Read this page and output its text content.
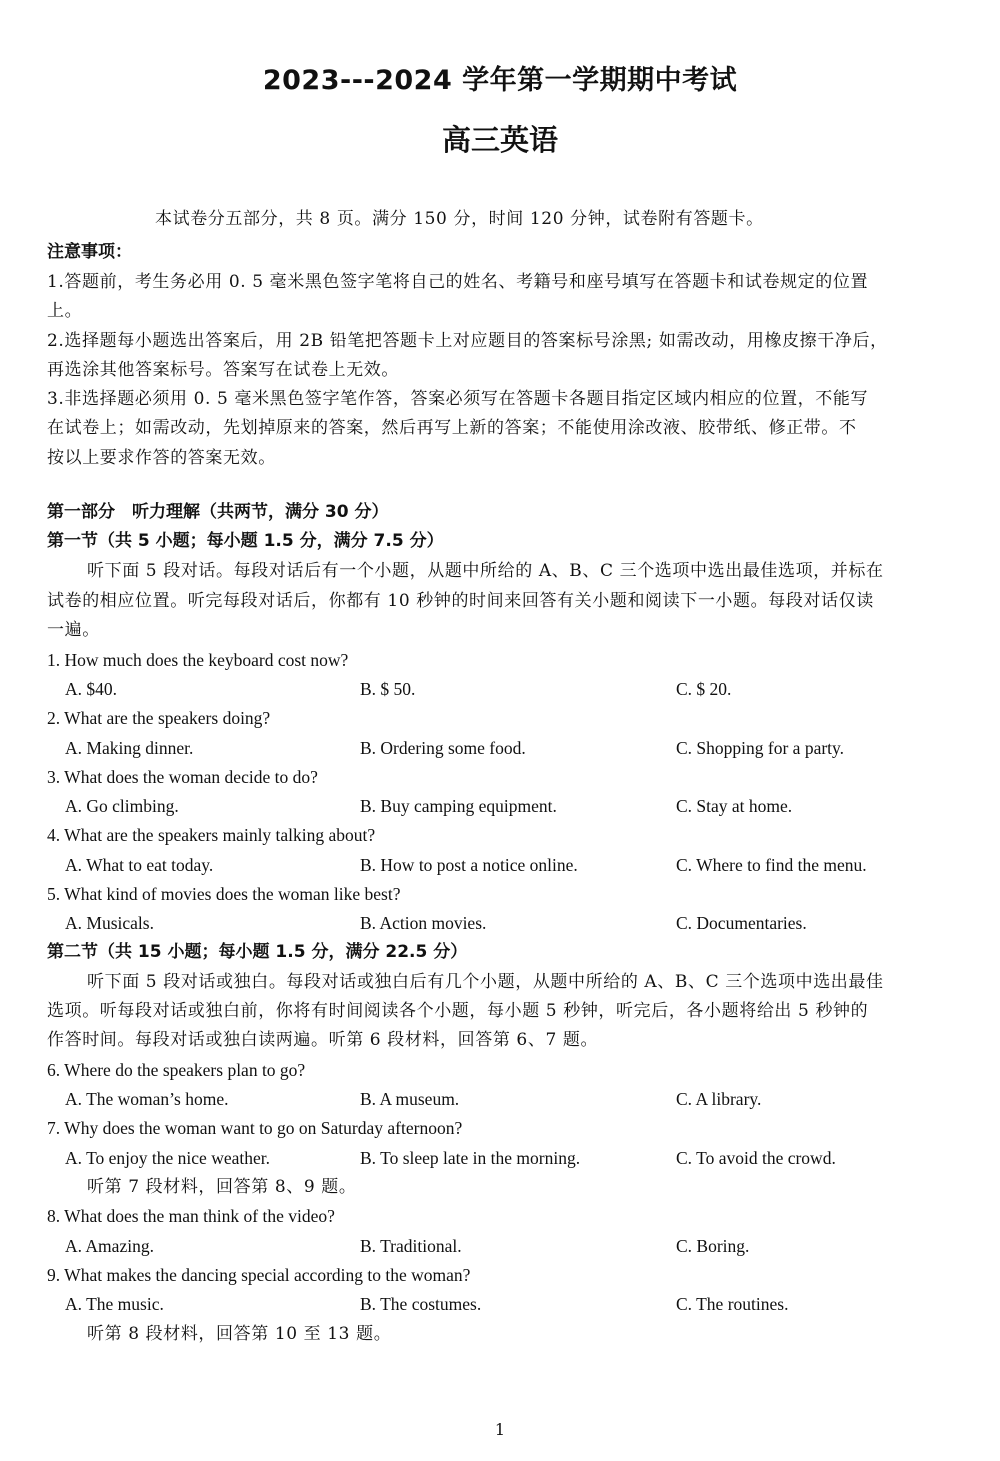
2023---2024 学年第一学期期中考试
高三英语
本试卷分五部分，共 8 页。满分 150 分，时间 120 分钟，试卷附有答题卡。
注意事项：
1.答题前，考生务必用 0. 5 毫米黑色签字笔将自己的姓名、考籍号和座号填写在答题卡和试卷规定的位置
上。
2.选择题每小题选出答案后，用 2B 铅笔把答题卡上对应题目的答案标号涂黑; 如需改动，用橡皮擦干净后，
再选涂其他答案标号。答案写在试卷上无效。
3.非选择题必须用 0. 5 毫米黑色签字笔作答，答案必须写在答题卡各题目指定区域内相应的位置，不能写
在试卷上；如需改动，先划掉原来的答案，然后再写上新的答案；不能使用涂改液、胶带纸、修正带。不
按以上要求作答的答案无效。
第一部分　听力理解（共两节，满分 30 分）
第一节（共 5 小题；每小题 1.5 分，满分 7.5 分）
听下面 5 段对话。每段对话后有一个小题，从题中所给的 A、B、C 三个选项中选出最佳选项，并标在
试卷的相应位置。听完每段对话后，你都有 10 秒钟的时间来回答有关小题和阅读下一小题。每段对话仅读
一遍。
1. How much does the keyboard cost now?
A. $40.	B. $ 50.	C. $ 20.
2. What are the speakers doing?
A. Making dinner.	B. Ordering some food.	C. Shopping for a party.
3. What does the woman decide to do?
A. Go climbing.	B. Buy camping equipment.	C. Stay at home.
4. What are the speakers mainly talking about?
A. What to eat today.	B. How to post a notice online.	C. Where to find the menu.
5. What kind of movies does the woman like best?
A. Musicals.	B. Action movies.	C. Documentaries.
第二节（共 15 小题；每小题 1.5 分，满分 22.5 分）
听下面 5 段对话或独白。每段对话或独白后有几个小题，从题中所给的 A、B、C 三个选项中选出最佳
选项。听每段对话或独白前，你将有时间阅读各个小题，每小题 5 秒钟，听完后，各小题将给出 5 秒钟的
作答时间。每段对话或独白读两遍。听第 6 段材料，回答第 6、7 题。
6. Where do the speakers plan to go?
A. The woman’s home.	B. A museum.	C. A library.
7. Why does the woman want to go on Saturday afternoon?
A. To enjoy the nice weather.	B. To sleep late in the morning.	C. To avoid the crowd.
听第 7 段材料，回答第 8、9 题。
8. What does the man think of the video?
A. Amazing.	B. Traditional.	C. Boring.
9. What makes the dancing special according to the woman?
A. The music.	B. The costumes.	C. The routines.
听第 8 段材料，回答第 10 至 13 题。
1
